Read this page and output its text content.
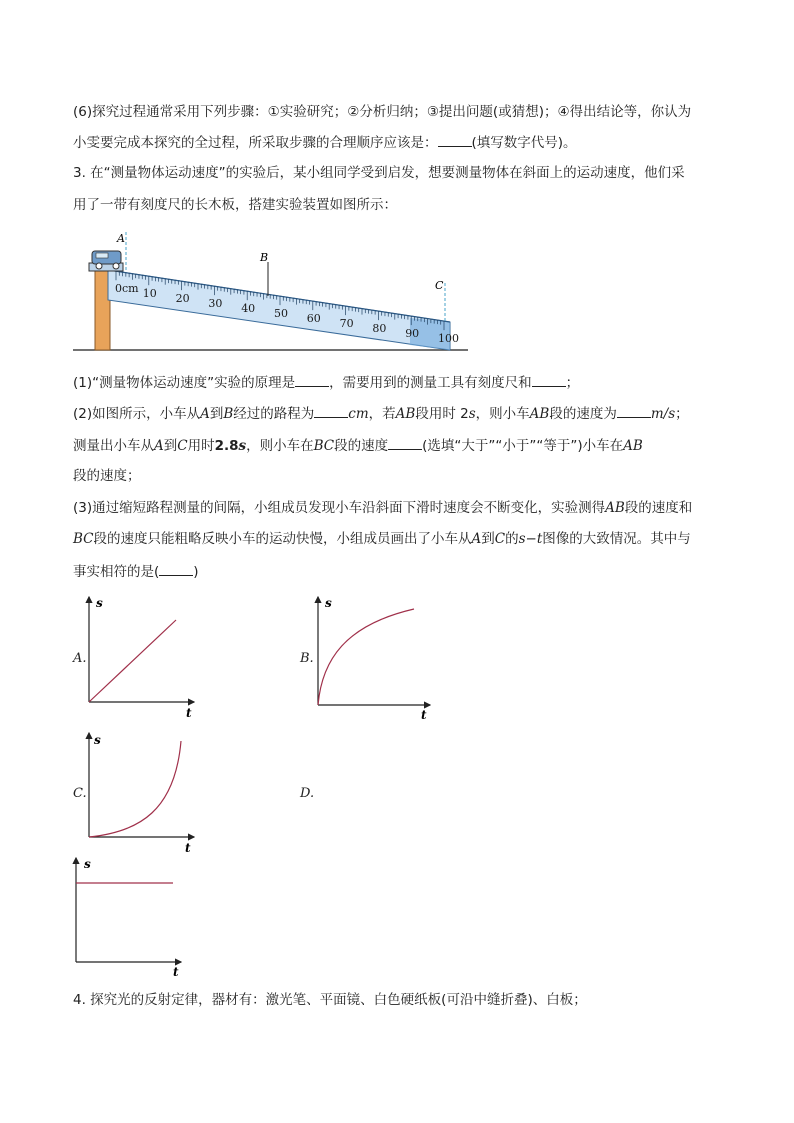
(6)探究过程通常采用下列步骤：①实验研究；②分析归纳；③提出问题(或猜想)；④得出结论等，你认为
小雯要完成本探究的全过程，所采取步骤的合理顺序应该是：	(填写数字代号)。
3. 在“测量物体运动速度”的实验后，某小组同学受到启发，想要测量物体在斜面上的运动速度，他们采
用了一带有刻度尺的长木板，搭建实验装置如图所示：
0cm 10 20 30 40 50 60 70 80 90 100
A
B
C
(1)“测量物体运动速度”实验的原理是	，需要用到的测量工具有刻度尺和	；
(2)如图所示，小车从A到B经过的路程为	cm，若AB段用时 2s，则小车AB段的速度为	m/s；
测量出小车从A到C用时2.8s，则小车在BC段的速度	(选填“大于”“小于”“等于”)小车在AB
段的速度；
(3)通过缩短路程测量的间隔，小组成员发现小车沿斜面下滑时速度会不断变化，实验测得AB段的速度和
BC段的速度只能粗略反映小车的运动快慢，小组成员画出了小车从A到C的s−t图像的大致情况。其中与
事实相符的是(	)
A.	B.
C.	D.
s
t
s
t
s
t
s
t
4. 探究光的反射定律，器材有：激光笔、平面镜、白色硬纸板(可沿中缝折叠)、白板；
